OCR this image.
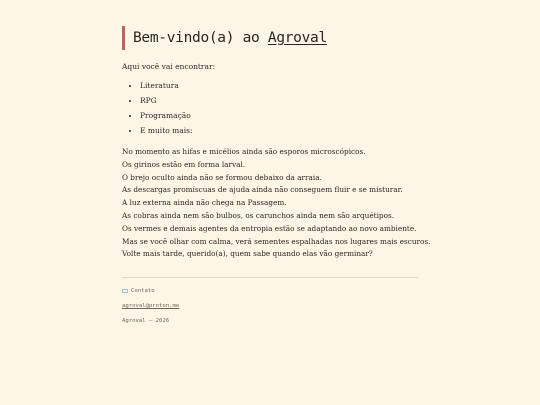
Bem-vindo(a) ao Agroval

Aqui você vai encontrar:

• Literatura
• RPG
• Programação
• E muito mais:

No momento as hifas e micélios ainda são esporos microscópicos.

Os girinos estão em forma larval.

O brejo oculto ainda não se formou debaixo da arraia.

As descargas promíscuas de ajuda ainda não conseguem fluir e se misturar.

A luz externa ainda não chega na Passagem.

As cobras ainda nem são bulbos, os carunchos ainda nem são arquétipos.

Os vermes e demais agentes da entropia estão se adaptando ao novo ambiente.

Mas se você olhar com calma, verá sementes espalhadas nos lugares mais escuros.

Volte mais tarde, querido(a), quem sabe quando elas vão germinar?

Contato
agroval@proton.me
Agroval — 2026
